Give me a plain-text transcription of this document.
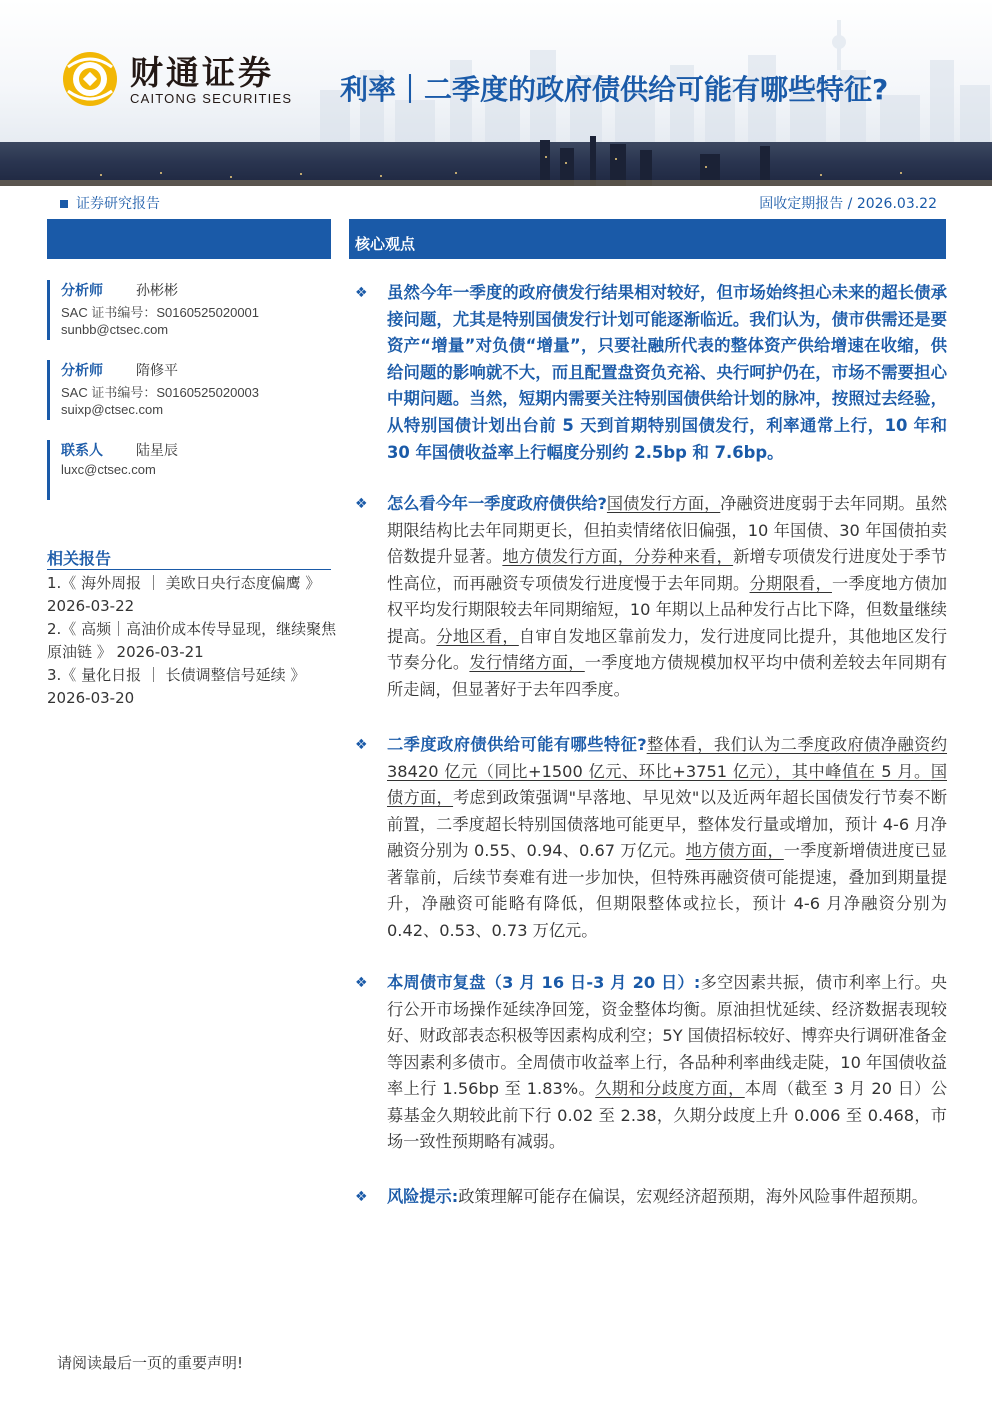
财通证券
CAITONG SECURITIES 利率｜二季度的政府债供给可能有哪些特征?
证券研究报告	固收定期报告 / 2026.03.22
核心观点
分析师 孙彬彬
SAC 证书编号：S0160525020001
sunbb@ctsec.com
分析师 隋修平
SAC 证书编号：S0160525020003
suixp@ctsec.com
联系人 陆星辰
luxc@ctsec.com
相关报告
1.《 海外周报 ｜ 美欧日央行态度偏鹰 》
2026-03-22
2.《 高频｜高油价成本传导显现，继续聚焦
原油链 》 2026-03-21
3.《 量化日报 ｜ 长债调整信号延续 》
2026-03-20
❖ 虽然今年一季度的政府债发行结果相对较好，但市场始终担心未来的超长债承接问题，尤其是特别国债发行计划可能逐渐临近。我们认为，债市供需还是要资产“增量”对负债“增量”，只要社融所代表的整体资产供给增速在收缩，供给问题的影响就不大，而且配置盘资负充裕、央行呵护仍在，市场不需要担心中期问题。当然，短期内需要关注特别国债供给计划的脉冲，按照过去经验，从特别国债计划出台前 5 天到首期特别国债发行，利率通常上行，10 年和 30 年国债收益率上行幅度分别约 2.5bp 和 7.6bp。
❖ 怎么看今年一季度政府债供给?国债发行方面，净融资进度弱于去年同期。虽然期限结构比去年同期更长，但拍卖情绪依旧偏强，10 年国债、30 年国债拍卖倍数提升显著。地方债发行方面，分券种来看，新增专项债发行进度处于季节性高位，而再融资专项债发行进度慢于去年同期。分期限看，一季度地方债加权平均发行期限较去年同期缩短，10 年期以上品种发行占比下降，但数量继续提高。分地区看，自审自发地区靠前发力，发行进度同比提升，其他地区发行节奏分化。发行情绪方面，一季度地方债规模加权平均中债利差较去年同期有所走阔，但显著好于去年四季度。
❖ 二季度政府债供给可能有哪些特征?整体看，我们认为二季度政府债净融资约 38420 亿元（同比+1500 亿元、环比+3751 亿元），其中峰值在 5 月。国债方面，考虑到政策强调"早落地、早见效"以及近两年超长国债发行节奏不断前置，二季度超长特别国债落地可能更早，整体发行量或增加，预计 4-6 月净融资分别为 0.55、0.94、0.67 万亿元。地方债方面，一季度新增债进度已显著靠前，后续节奏难有进一步加快，但特殊再融资债可能提速，叠加到期量提升，净融资可能略有降低，但期限整体或拉长，预计 4-6 月净融资分别为 0.42、0.53、0.73 万亿元。
❖ 本周债市复盘（3 月 16 日-3 月 20 日）:多空因素共振，债市利率上行。央行公开市场操作延续净回笼，资金整体均衡。原油担忧延续、经济数据表现较好、财政部表态积极等因素构成利空；5Y 国债招标较好、博弈央行调研准备金等因素利多债市。全周债市收益率上行，各品种利率曲线走陡，10 年国债收益率上行 1.56bp 至 1.83%。久期和分歧度方面，本周（截至 3 月 20 日）公募基金久期较此前下行 0.02 至 2.38，久期分歧度上升 0.006 至 0.468，市场一致性预期略有减弱。
❖ 风险提示:政策理解可能存在偏误，宏观经济超预期，海外风险事件超预期。
请阅读最后一页的重要声明!
